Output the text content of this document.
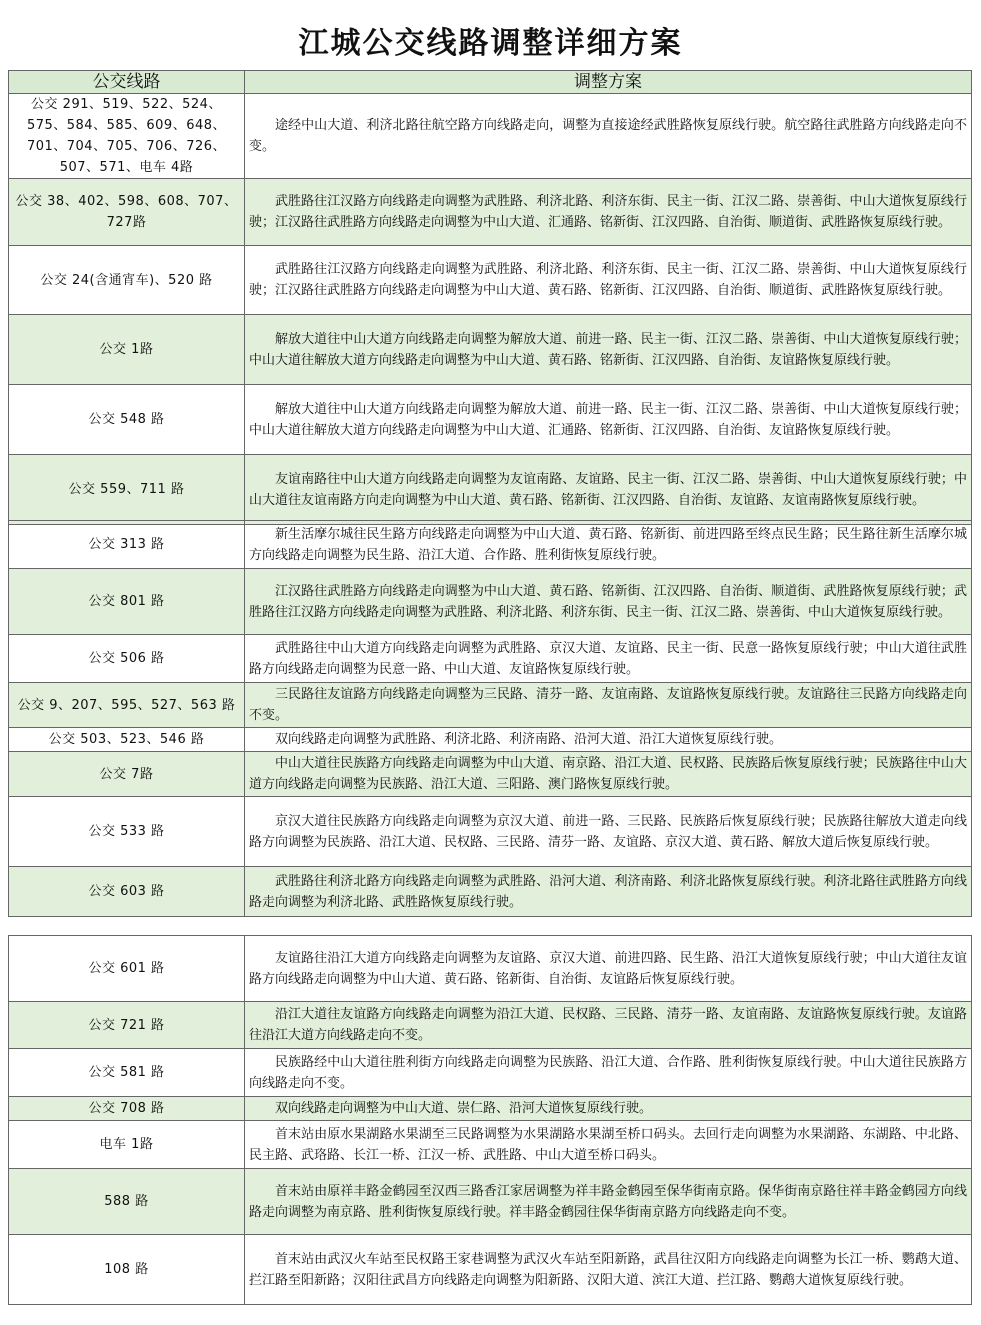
江城公交线路调整详细方案
公交线路	调整方案
公交 291、519、522、524、575、584、585、609、648、701、704、705、706、726、507、571、电车 4路	途经中山大道、利济北路往航空路方向线路走向，调整为直接途经武胜路恢复原线行驶。航空路往武胜路方向线路走向不变。
公交 38、402、598、608、707、727路	武胜路往江汉路方向线路走向调整为武胜路、利济北路、利济东街、民主一街、江汉二路、崇善街、中山大道恢复原线行驶；江汉路往武胜路方向线路走向调整为中山大道、汇通路、铭新街、江汉四路、自治街、顺道街、武胜路恢复原线行驶。
公交 24(含通宵车)、520 路	武胜路往江汉路方向线路走向调整为武胜路、利济北路、利济东街、民主一街、江汉二路、崇善街、中山大道恢复原线行驶；江汉路往武胜路方向线路走向调整为中山大道、黄石路、铭新街、江汉四路、自治街、顺道街、武胜路恢复原线行驶。
公交 1路	解放大道往中山大道方向线路走向调整为解放大道、前进一路、民主一街、江汉二路、崇善街、中山大道恢复原线行驶；中山大道往解放大道方向线路走向调整为中山大道、黄石路、铭新街、江汉四路、自治街、友谊路恢复原线行驶。
公交 548 路	解放大道往中山大道方向线路走向调整为解放大道、前进一路、民主一街、江汉二路、崇善街、中山大道恢复原线行驶；中山大道往解放大道方向线路走向调整为中山大道、汇通路、铭新街、江汉四路、自治街、友谊路恢复原线行驶。
公交 559、711 路	友谊南路往中山大道方向线路走向调整为友谊南路、友谊路、民主一街、江汉二路、崇善街、中山大道恢复原线行驶；中山大道往友谊南路方向走向调整为中山大道、黄石路、铭新街、江汉四路、自治街、友谊路、友谊南路恢复原线行驶。
公交 313 路	新生活摩尔城往民生路方向线路走向调整为中山大道、黄石路、铭新街、前进四路至终点民生路；民生路往新生活摩尔城方向线路走向调整为民生路、沿江大道、合作路、胜利街恢复原线行驶。
公交 801 路	江汉路往武胜路方向线路走向调整为中山大道、黄石路、铭新街、江汉四路、自治街、顺道街、武胜路恢复原线行驶；武胜路往江汉路方向线路走向调整为武胜路、利济北路、利济东街、民主一街、江汉二路、崇善街、中山大道恢复原线行驶。
公交 506 路	武胜路往中山大道方向线路走向调整为武胜路、京汉大道、友谊路、民主一街、民意一路恢复原线行驶；中山大道往武胜路方向线路走向调整为民意一路、中山大道、友谊路恢复原线行驶。
公交 9、207、595、527、563 路	三民路往友谊路方向线路走向调整为三民路、清芬一路、友谊南路、友谊路恢复原线行驶。友谊路往三民路方向线路走向不变。
公交 503、523、546 路	双向线路走向调整为武胜路、利济北路、利济南路、沿河大道、沿江大道恢复原线行驶。
公交 7路	中山大道往民族路方向线路走向调整为中山大道、南京路、沿江大道、民权路、民族路后恢复原线行驶；民族路往中山大道方向线路走向调整为民族路、沿江大道、三阳路、澳门路恢复原线行驶。
公交 533 路	京汉大道往民族路方向线路走向调整为京汉大道、前进一路、三民路、民族路后恢复原线行驶；民族路往解放大道走向线路方向调整为民族路、沿江大道、民权路、三民路、清芬一路、友谊路、京汉大道、黄石路、解放大道后恢复原线行驶。
公交 603 路	武胜路往利济北路方向线路走向调整为武胜路、沿河大道、利济南路、利济北路恢复原线行驶。利济北路往武胜路方向线路走向调整为利济北路、武胜路恢复原线行驶。
公交 601 路	友谊路往沿江大道方向线路走向调整为友谊路、京汉大道、前进四路、民生路、沿江大道恢复原线行驶；中山大道往友谊路方向线路走向调整为中山大道、黄石路、铭新街、自治街、友谊路后恢复原线行驶。
公交 721 路	沿江大道往友谊路方向线路走向调整为沿江大道、民权路、三民路、清芬一路、友谊南路、友谊路恢复原线行驶。友谊路往沿江大道方向线路走向不变。
公交 581 路	民族路经中山大道往胜利街方向线路走向调整为民族路、沿江大道、合作路、胜利街恢复原线行驶。中山大道往民族路方向线路走向不变。
公交 708 路	双向线路走向调整为中山大道、崇仁路、沿河大道恢复原线行驶。
电车 1路	首末站由原水果湖路水果湖至三民路调整为水果湖路水果湖至桥口码头。去回行走向调整为水果湖路、东湖路、中北路、民主路、武珞路、长江一桥、江汉一桥、武胜路、中山大道至桥口码头。
588 路	首末站由原祥丰路金鹤园至汉西三路香江家居调整为祥丰路金鹤园至保华街南京路。保华街南京路往祥丰路金鹤园方向线路走向调整为南京路、胜利街恢复原线行驶。祥丰路金鹤园往保华街南京路方向线路走向不变。
108 路	首末站由武汉火车站至民权路王家巷调整为武汉火车站至阳新路，武昌往汉阳方向线路走向调整为长江一桥、鹦鹉大道、拦江路至阳新路；汉阳往武昌方向线路走向调整为阳新路、汉阳大道、滨江大道、拦江路、鹦鹉大道恢复原线行驶。
